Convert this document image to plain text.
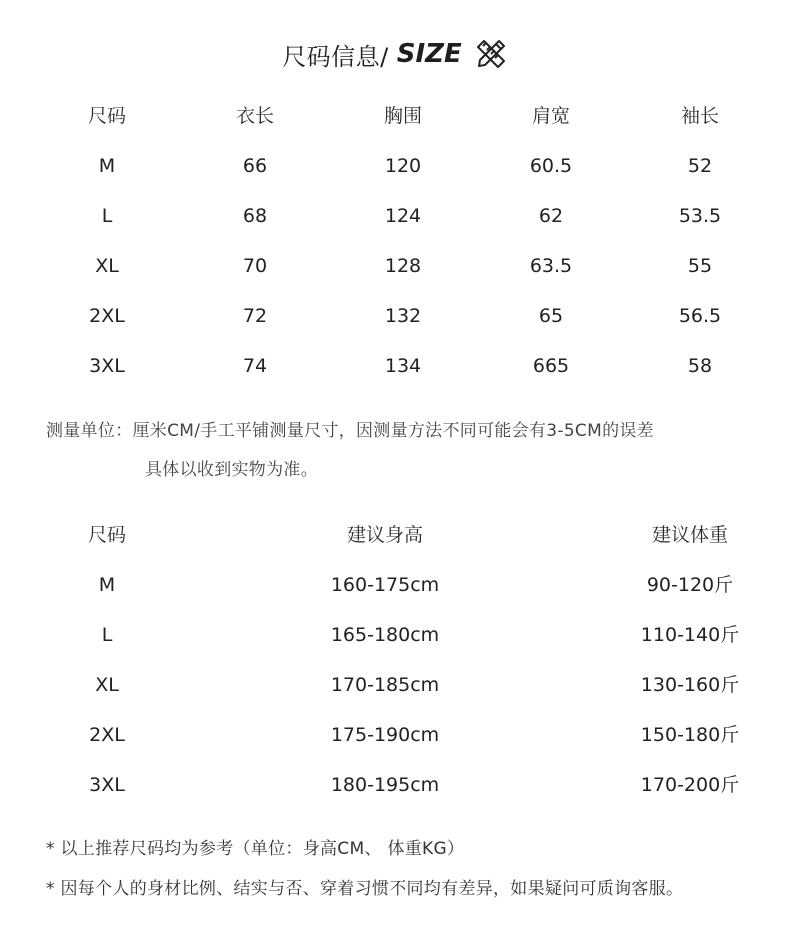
尺码信息/ SIZE
尺码	衣长	胸围	肩宽	袖长
M	66	120	60.5	52
L	68	124	62	53.5
XL	70	128	63.5	55
2XL	72	132	65	56.5
3XL	74	134	665	58
测量单位：厘米CM/手工平铺测量尺寸，因测量方法不同可能会有3-5CM的误差
具体以收到实物为准。
尺码	建议身高	建议体重
M	160-175cm	90-120斤
L	165-180cm	110-140斤
XL	170-185cm	130-160斤
2XL	175-190cm	150-180斤
3XL	180-195cm	170-200斤
* 以上推荐尺码均为参考（单位：身高CM、 体重KG）
* 因每个人的身材比例、结实与否、穿着习惯不同均有差异，如果疑问可质询客服。
